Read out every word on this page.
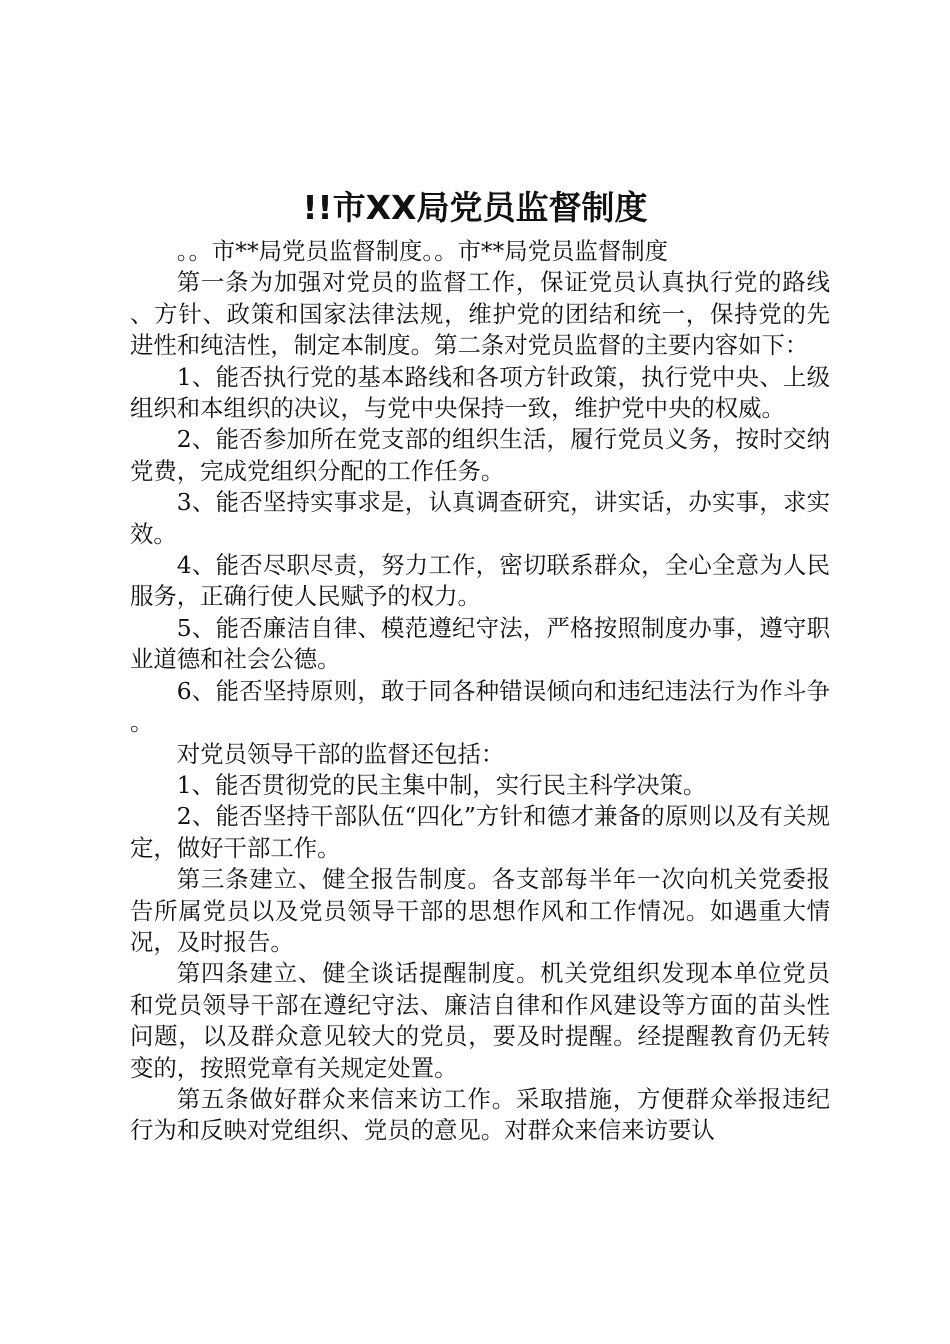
!!市XX局党员监督制度

。。市**局党员监督制度。。市**局党员监督制度

第一条为加强对党员的监督工作，保证党员认真执行党的路线、方针、政策和国家法律法规，维护党的团结和统一，保持党的先进性和纯洁性，制定本制度。第二条对党员监督的主要内容如下：

1、能否执行党的基本路线和各项方针政策，执行党中央、上级组织和本组织的决议，与党中央保持一致，维护党中央的权威。

2、能否参加所在党支部的组织生活，履行党员义务，按时交纳党费，完成党组织分配的工作任务。

3、能否坚持实事求是，认真调查研究，讲实话，办实事，求实效。

4、能否尽职尽责，努力工作，密切联系群众，全心全意为人民服务，正确行使人民赋予的权力。

5、能否廉洁自律、模范遵纪守法，严格按照制度办事，遵守职业道德和社会公德。

6、能否坚持原则，敢于同各种错误倾向和违纪违法行为作斗争。

对党员领导干部的监督还包括：

1、能否贯彻党的民主集中制，实行民主科学决策。

2、能否坚持干部队伍“四化”方针和德才兼备的原则以及有关规定，做好干部工作。

第三条建立、健全报告制度。各支部每半年一次向机关党委报告所属党员以及党员领导干部的思想作风和工作情况。如遇重大情况，及时报告。

第四条建立、健全谈话提醒制度。机关党组织发现本单位党员和党员领导干部在遵纪守法、廉洁自律和作风建设等方面的苗头性问题，以及群众意见较大的党员，要及时提醒。经提醒教育仍无转变的，按照党章有关规定处置。

第五条做好群众来信来访工作。采取措施，方便群众举报违纪行为和反映对党组织、党员的意见。对群众来信来访要认
